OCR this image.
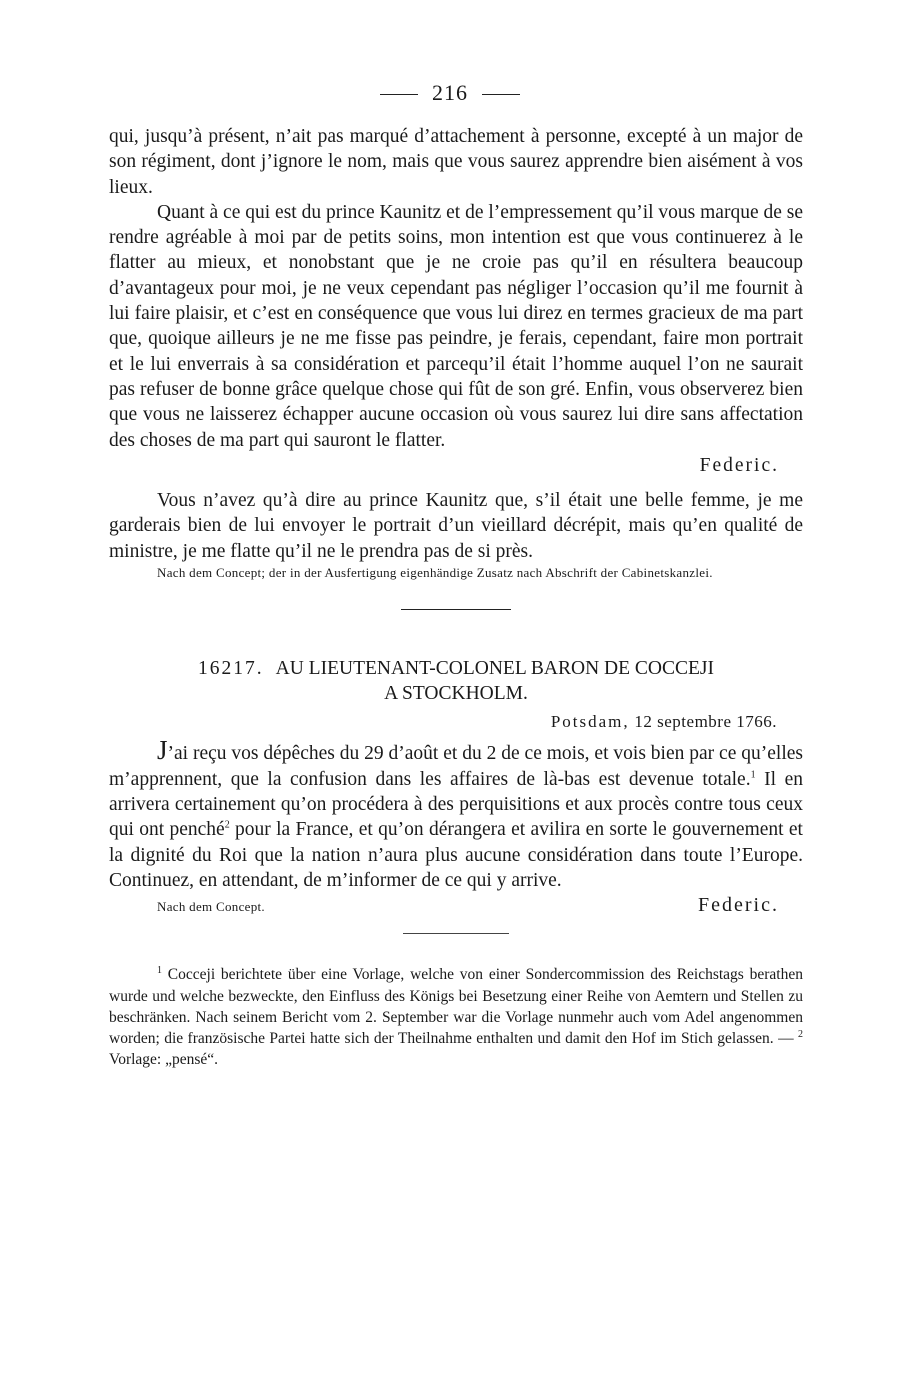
216

qui, jusqu’à présent, n’ait pas marqué d’attachement à personne, excepté à un major de son régiment, dont j’ignore le nom, mais que vous saurez apprendre bien aisément à vos lieux.

Quant à ce qui est du prince Kaunitz et de l’empressement qu’il vous marque de se rendre agréable à moi par de petits soins, mon intention est que vous continuerez à le flatter au mieux, et nonobstant que je ne croie pas qu’il en résultera beaucoup d’avantageux pour moi, je ne veux cependant pas négliger l’occasion qu’il me fournit à lui faire plaisir, et c’est en conséquence que vous lui direz en termes gracieux de ma part que, quoique ailleurs je ne me fisse pas peindre, je ferais, cependant, faire mon portrait et le lui enverrais à sa considération et parcequ’il était l’homme auquel l’on ne saurait pas refuser de bonne grâce quelque chose qui fût de son gré. Enfin, vous observerez bien que vous ne laisserez échapper aucune occasion où vous saurez lui dire sans affectation des choses de ma part qui sauront le flatter.

Federic.

Vous n’avez qu’à dire au prince Kaunitz que, s’il était une belle femme, je me garderais bien de lui envoyer le portrait d’un vieillard décrépit, mais qu’en qualité de ministre, je me flatte qu’il ne le prendra pas de si près.

Nach dem Concept; der in der Ausfertigung eigenhändige Zusatz nach Abschrift der Cabinetskanzlei.

16217. AU LIEUTENANT-COLONEL BARON DE COCCEJI
A STOCKHOLM.
Potsdam, 12 septembre 1766.

J’ai reçu vos dépêches du 29 d’août et du 2 de ce mois, et vois bien par ce qu’elles m’apprennent, que la confusion dans les affaires de là-bas est devenue totale.$^1$ Il en arrivera certainement qu’on procédera à des perquisitions et aux procès contre tous ceux qui ont penché$^2$ pour la France, et qu’on dérangera et avilira en sorte le gouvernement et la dignité du Roi que la nation n’aura plus aucune considération dans toute l’Europe. Continuez, en attendant, de m’informer de ce qui y arrive.

Nach dem Concept.	Federic.

$^1$ Cocceji berichtete über eine Vorlage, welche von einer Sondercommission des Reichstags berathen wurde und welche bezweckte, den Einfluss des Königs bei Besetzung einer Reihe von Aemtern und Stellen zu beschränken. Nach seinem Bericht vom 2. September war die Vorlage nunmehr auch vom Adel angenommen worden; die französische Partei hatte sich der Theilnahme enthalten und damit den Hof im Stich gelassen. — $^2$ Vorlage: „pensé“.
